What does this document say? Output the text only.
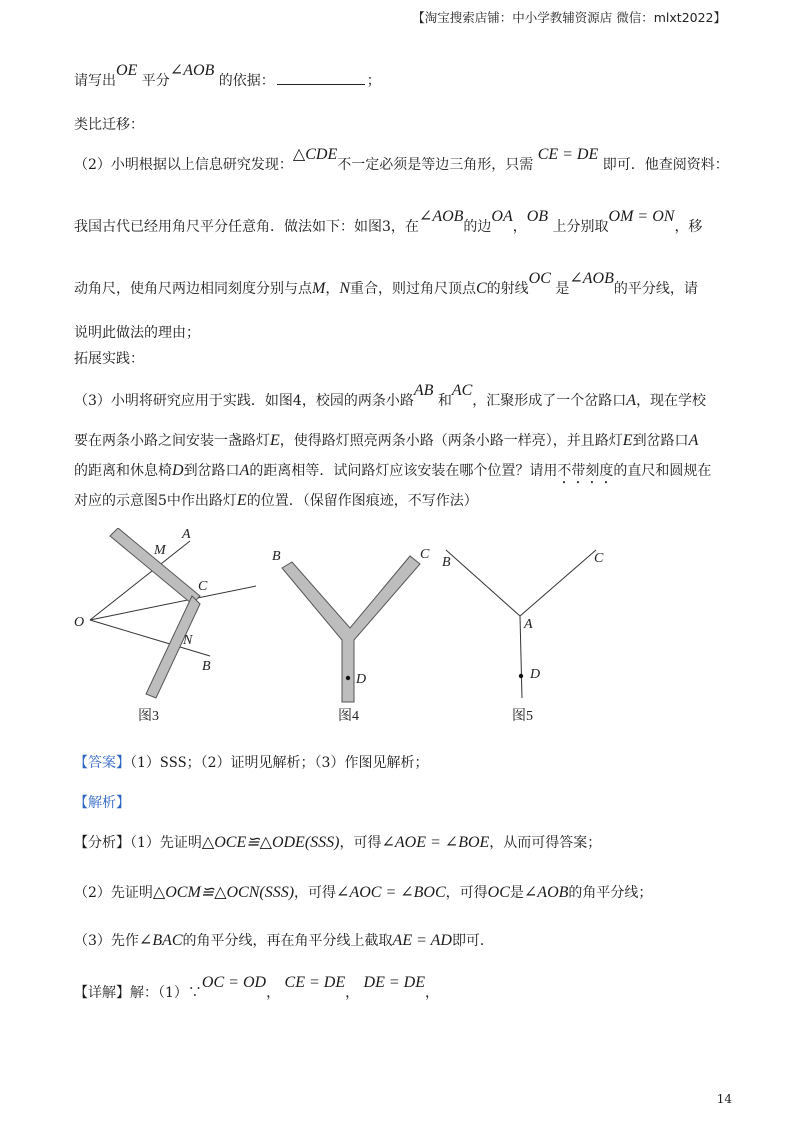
【淘宝搜索店铺：中小学教辅资源店 微信：mlxt2022】
请写出OE 平分∠AOB 的依据：	；
类比迁移：
（2）小明根据以上信息研究发现：△CDE不一定必须是等边三角形，只需 CE = DE 即可．他查阅资料：
我国古代已经用角尺平分任意角．做法如下：如图3，在∠AOB的边OA，OB 上分别取OM = ON，移
动角尺，使角尺两边相同刻度分别与点M，N重合，则过角尺顶点C的射线OC 是∠AOB的平分线，请
说明此做法的理由；
拓展实践：
（3）小明将研究应用于实践．如图4，校园的两条小路AB 和AC，汇聚形成了一个岔路口A，现在学校
要在两条小路之间安装一盏路灯E，使得路灯照亮两条小路（两条小路一样亮），并且路灯E到岔路口A
的距离和休息椅D到岔路口A的距离相等．试问路灯应该安装在哪个位置？请用不带刻度的直尺和圆规在
对应的示意图5中作出路灯E的位置．（保留作图痕迹，不写作法）
A
M
C
O
N
B
图3
B	C
D
图4
B	C
A
D
图5
【答案】（1）SSS；（2）证明见解析；（3）作图见解析；
【解析】
【分析】（1）先证明△OCE≌△ODE(SSS)，可得∠AOE = ∠BOE，从而可得答案；
（2）先证明△OCM≌△OCN(SSS)，可得∠AOC = ∠BOC，可得OC是∠AOB的角平分线；
（3）先作∠BAC的角平分线，再在角平分线上截取AE = AD即可．
【详解】解：（1）∵OC = OD， CE = DE， DE = DE，
14
